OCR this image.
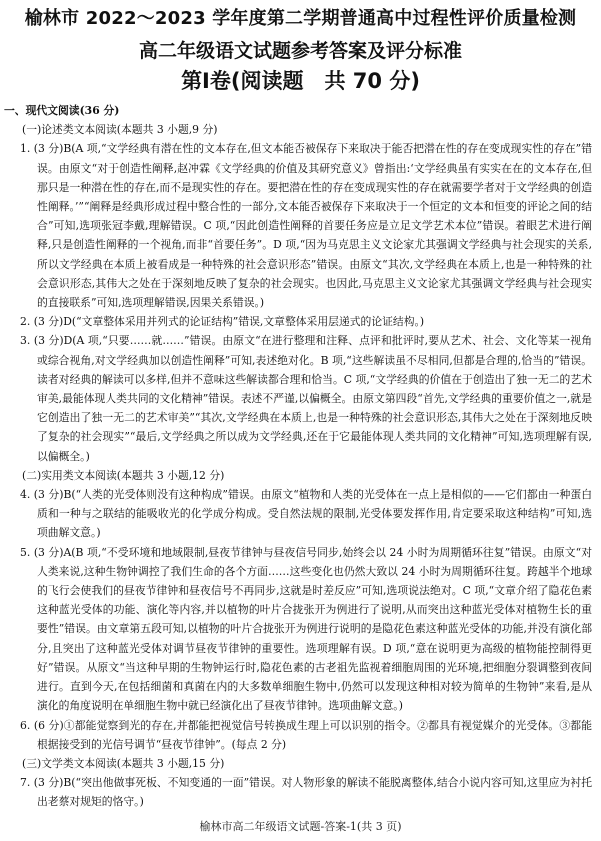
榆林市 2022～2023 学年度第二学期普通高中过程性评价质量检测
高二年级语文试题参考答案及评分标准
第Ⅰ卷(阅读题　共 70 分)

一、现代文阅读(36 分)

(一)论述类文本阅读(本题共 3 小题,9 分)

1. (3 分)B(A 项,“文学经典有潜在性的文本存在,但文本能否被保存下来取决于能否把潜在性的存在变成现实性的存在”错误。由原文“对于创造性阐释,赵冲霖《文学经典的价值及其研究意义》曾指出:‘文学经典虽有实实在在的文本存在,但那只是一种潜在性的存在,而不是现实性的存在。要把潜在性的存在变成现实性的存在就需要学者对于文学经典的创造性阐释。’”“阐释是经典形成过程中整合性的一部分,文本能否被保存下来取决于一个恒定的文本和恒变的评论之间的结合”可知,选项张冠李戴,理解错误。C 项,“因此创造性阐释的首要任务应是立足文学艺术本位”错误。着眼艺术进行阐释,只是创造性阐释的一个视角,而非“首要任务”。D 项,“因为马克思主义文论家尤其强调文学经典与社会现实的关系,所以文学经典在本质上被看成是一种特殊的社会意识形态”错误。由原文“其次,文学经典在本质上,也是一种特殊的社会意识形态,其伟大之处在于深刻地反映了复杂的社会现实。也因此,马克思主义文论家尤其强调文学经典与社会现实的直接联系”可知,选项理解错误,因果关系错误。)

2. (3 分)D(“文章整体采用并列式的论证结构”错误,文章整体采用层递式的论证结构。)

3. (3 分)D(A 项,“只要……就……”错误。由原文“在进行整理和注释、点评和批评时,要从艺术、社会、文化等某一视角或综合视角,对文学经典加以创造性阐释”可知,表述绝对化。B 项,“这些解读虽不尽相同,但都是合理的,恰当的”错误。读者对经典的解读可以多样,但并不意味这些解读都合理和恰当。C 项,“文学经典的价值在于创造出了独一无二的艺术审美,最能体现人类共同的文化精神”错误。表述不严谨,以偏概全。由原文第四段“首先,文学经典的重要价值之一,就是它创造出了独一无二的艺术审美”“其次,文学经典在本质上,也是一种特殊的社会意识形态,其伟大之处在于深刻地反映了复杂的社会现实”“最后,文学经典之所以成为文学经典,还在于它最能体现人类共同的文化精神”可知,选项理解有误,以偏概全。)

(二)实用类文本阅读(本题共 3 小题,12 分)

4. (3 分)B(“人类的光受体则没有这种构成”错误。由原文“植物和人类的光受体在一点上是相似的——它们都由一种蛋白质和一种与之联结的能吸收光的化学成分构成。受自然法规的限制,光受体要发挥作用,肯定要采取这种结构”可知,选项曲解文意。)

5. (3 分)A(B 项,“不受环境和地域限制,昼夜节律钟与昼夜信号同步,始终会以 24 小时为周期循环往复”错误。由原文“对人类来说,这种生物钟调控了我们生命的各个方面……这些变化也仍然大致以 24 小时为周期循环往复。跨越半个地球的飞行会使我们的昼夜节律钟和昼夜信号不再同步,这就是时差反应”可知,选项说法绝对。C 项,“文章介绍了隐花色素这种蓝光受体的功能、演化等内容,并以植物的叶片合拢张开为例进行了说明,从而突出这种蓝光受体对植物生长的重要性”错误。由文章第五段可知,以植物的叶片合拢张开为例进行说明的是隐花色素这种蓝光受体的功能,并没有演化部分,且突出了这种蓝光受体对调节昼夜节律钟的重要性。选项理解有误。D 项,“意在说明更为高级的植物能控制得更好”错误。从原文“当这种早期的生物钟运行时,隐花色素的古老祖先监视着细胞周围的光环境,把细胞分裂调整到夜间进行。直到今天,在包括细菌和真菌在内的大多数单细胞生物中,仍然可以发现这种相对较为简单的生物钟”来看,是从演化的角度说明在单细胞生物中就已经演化出了昼夜节律钟。选项曲解文意。)

6. (6 分)①都能觉察到光的存在,并都能把视觉信号转换成生理上可以识别的指令。②都具有视觉媒介的光受体。③都能根据接受到的光信号调节“昼夜节律钟”。(每点 2 分)

(三)文学类文本阅读(本题共 3 小题,15 分)

7. (3 分)B(“突出他做事死板、不知变通的一面”错误。对人物形象的解读不能脱离整体,结合小说内容可知,这里应为衬托出老蔡对规矩的恪守。)

榆林市高二年级语文试题-答案-1(共 3 页)
